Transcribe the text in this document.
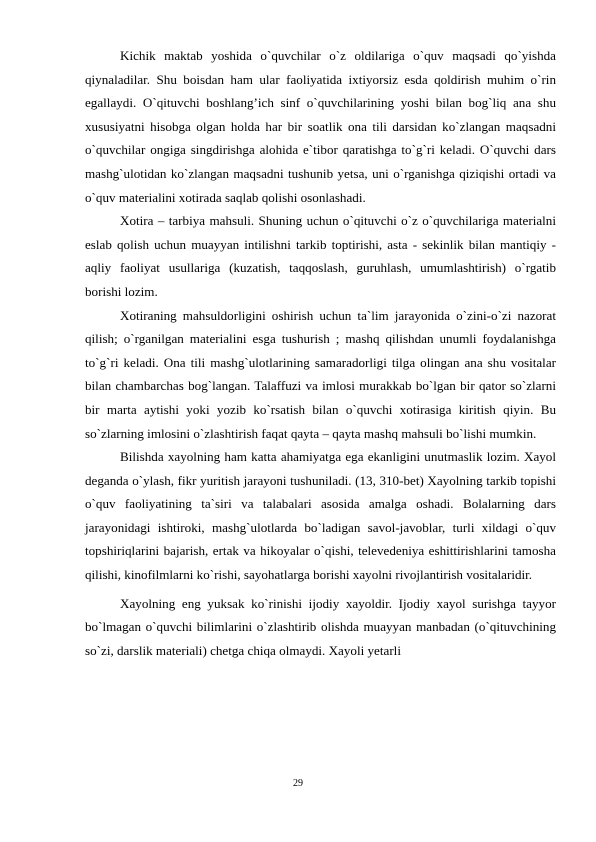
Kichik maktab yoshida o`quvchilar o`z oldilariga o`quv maqsadi qo`yishda qiynaladilar. Shu boisdan ham ular faoliyatida ixtiyorsiz esda qoldirish muhim o`rin egallaydi. O`qituvchi boshlang’ich sinf o`quvchilarining yoshi bilan bog`liq ana shu xususiyatni hisobga olgan holda har bir soatlik ona tili darsidan ko`zlangan maqsadni o`quvchilar ongiga singdirishga alohida e`tibor qaratishga to`g`ri keladi. O`quvchi dars mashg`ulotidan ko`zlangan maqsadni tushunib yetsa, uni o`rganishga qiziqishi ortadi va o`quv materialini xotirada saqlab qolishi osonlashadi.

Xotira – tarbiya mahsuli. Shuning uchun o`qituvchi o`z o`quvchilariga materialni eslab qolish uchun muayyan intilishni tarkib toptirishi, asta - sekinlik bilan mantiqiy - aqliy faoliyat usullariga (kuzatish, taqqoslash, guruhlash, umumlashtirish) o`rgatib borishi lozim.

Xotiraning mahsuldorligini oshirish uchun ta`lim jarayonida o`zini-o`zi nazorat qilish; o`rganilgan materialini esga tushurish ; mashq qilishdan unumli foydalanishga to`g`ri keladi. Ona tili mashg`ulotlarining samaradorligi tilga olingan ana shu vositalar bilan chambarchas bog`langan. Talaffuzi va imlosi murakkab bo`lgan bir qator so`zlarni bir marta aytishi yoki yozib ko`rsatish bilan o`quvchi xotirasiga kiritish qiyin. Bu so`zlarning imlosini o`zlashtirish faqat qayta – qayta mashq mahsuli bo`lishi mumkin.

Bilishda xayolning ham katta ahamiyatga ega ekanligini unutmaslik lozim. Xayol deganda o`ylash, fikr yuritish jarayoni tushuniladi. (13, 310-bet) Xayolning tarkib topishi o`quv faoliyatining ta`siri va talabalari asosida amalga oshadi. Bolalarning dars jarayonidagi ishtiroki, mashg`ulotlarda bo`ladigan savol-javoblar, turli xildagi o`quv topshiriqlarini bajarish, ertak va hikoyalar o`qishi, televedeniya eshittirishlarini tamosha qilishi, kinofilmlarni ko`rishi, sayohatlarga borishi xayolni rivojlantirish vositalaridir.

Xayolning eng yuksak ko`rinishi ijodiy xayoldir. Ijodiy xayol surishga tayyor bo`lmagan o`quvchi bilimlarini o`zlashtirib olishda muayyan manbadan (o`qituvchining so`zi, darslik materiali) chetga chiqa olmaydi. Xayoli yetarli

29
